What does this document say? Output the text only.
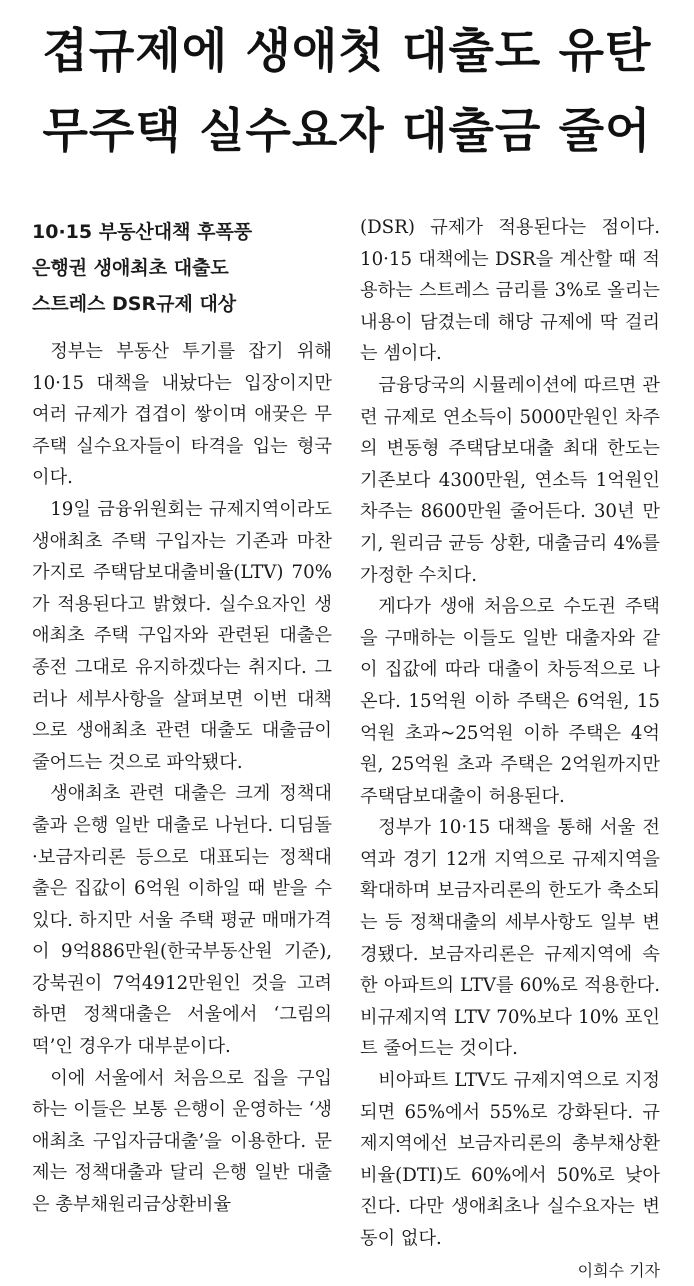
겹규제에 생애첫 대출도 유탄
무주택 실수요자 대출금 줄어
10·15 부동산대책 후폭풍
은행권 생애최초 대출도
스트레스 DSR규제 대상

정부는 부동산 투기를 잡기 위해 10·15 대책을 내놨다는 입장이지만 여러 규제가 겹겹이 쌓이며 애꿎은 무주택 실수요자들이 타격을 입는 형국이다.

19일 금융위원회는 규제지역이라도 생애최초 주택 구입자는 기존과 마찬가지로 주택담보대출비율(LTV) 70%가 적용된다고 밝혔다. 실수요자인 생애최초 주택 구입자와 관련된 대출은 종전 그대로 유지하겠다는 취지다. 그러나 세부사항을 살펴보면 이번 대책으로 생애최초 관련 대출도 대출금이 줄어드는 것으로 파악됐다.

생애최초 관련 대출은 크게 정책대출과 은행 일반 대출로 나뉜다. 디딤돌·보금자리론 등으로 대표되는 정책대출은 집값이 6억원 이하일 때 받을 수 있다. 하지만 서울 주택 평균 매매가격이 9억886만원(한국부동산원 기준), 강북권이 7억4912만원인 것을 고려하면 정책대출은 서울에서 ‘그림의 떡’인 경우가 대부분이다.

이에 서울에서 처음으로 집을 구입하는 이들은 보통 은행이 운영하는 ‘생애최초 구입자금대출’을 이용한다. 문제는 정책대출과 달리 은행 일반 대출은 총부채원리금상환비율

(DSR) 규제가 적용된다는 점이다. 10·15 대책에는 DSR을 계산할 때 적용하는 스트레스 금리를 3%로 올리는 내용이 담겼는데 해당 규제에 딱 걸리는 셈이다.

금융당국의 시뮬레이션에 따르면 관련 규제로 연소득이 5000만원인 차주의 변동형 주택담보대출 최대 한도는 기존보다 4300만원, 연소득 1억원인 차주는 8600만원 줄어든다. 30년 만기, 원리금 균등 상환, 대출금리 4%를 가정한 수치다.

게다가 생애 처음으로 수도권 주택을 구매하는 이들도 일반 대출자와 같이 집값에 따라 대출이 차등적으로 나온다. 15억원 이하 주택은 6억원, 15억원 초과~25억원 이하 주택은 4억원, 25억원 초과 주택은 2억원까지만 주택담보대출이 허용된다.

정부가 10·15 대책을 통해 서울 전역과 경기 12개 지역으로 규제지역을 확대하며 보금자리론의 한도가 축소되는 등 정책대출의 세부사항도 일부 변경됐다. 보금자리론은 규제지역에 속한 아파트의 LTV를 60%로 적용한다. 비규제지역 LTV 70%보다 10% 포인트 줄어드는 것이다.

비아파트 LTV도 규제지역으로 지정되면 65%에서 55%로 강화된다. 규제지역에선 보금자리론의 총부채상환비율(DTI)도 60%에서 50%로 낮아진다. 다만 생애최초나 실수요자는 변동이 없다.

이희수 기자
